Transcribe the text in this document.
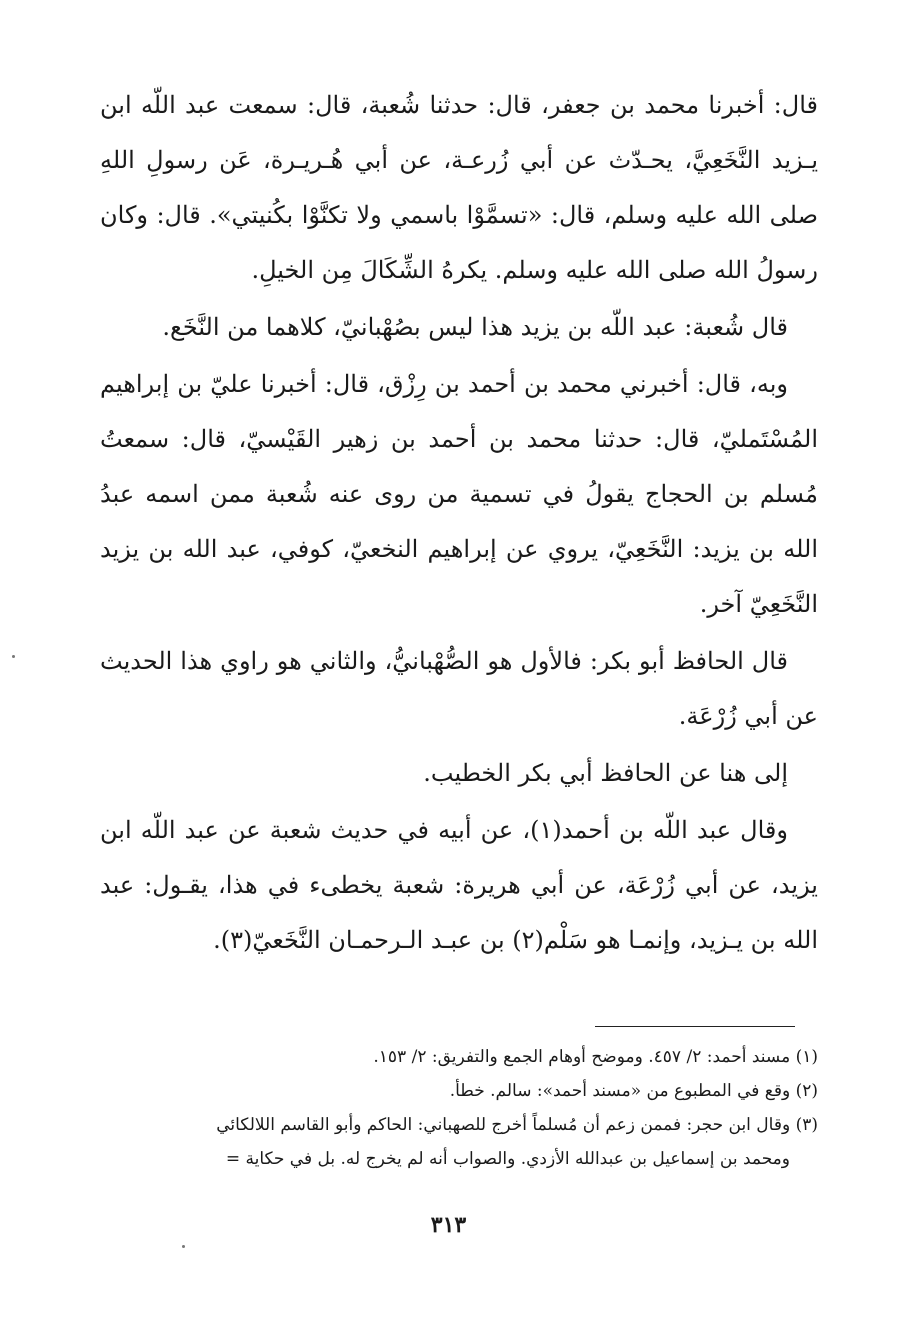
قال: أخبرنا محمد بن جعفر، قال: حدثنا شُعبة، قال: سمعت عبد اللّه ابن يـزيد النَّخَعِيَّ، يحـدّث عن أبي زُرعـة، عن أبي هُـريـرة، عَن رسولِ اللهِ صلى الله عليه وسلم، قال: «تسمَّوْا باسمي ولا تكنَّوْا بكُنيتي». قال: وكان رسولُ الله صلى الله عليه وسلم. يكرهُ الشِّكَالَ مِن الخيلِ.

قال شُعبة: عبد اللّه بن يزيد هذا ليس بصُهْبانيّ، كلاهما من النَّخَع.

وبه، قال: أخبرني محمد بن أحمد بن رِزْق، قال: أخبرنا عليّ بن إبراهيم المُسْتَمليّ، قال: حدثنا محمد بن أحمد بن زهير القَيْسيّ، قال: سمعتُ مُسلم بن الحجاج يقولُ في تسمية من روى عنه شُعبة ممن اسمه عبدُ الله بن يزيد: النَّخَعِيّ، يروي عن إبراهيم النخعيّ، كوفي، عبد الله بن يزيد النَّخَعِيّ آخر.

قال الحافظ أبو بكر: فالأول هو الصُّهْبانيُّ، والثاني هو راوي هذا الحديث عن أبي زُرْعَة.

إلى هنا عن الحافظ أبي بكر الخطيب.

وقال عبد اللّه بن أحمد(١)، عن أبيه في حديث شعبة عن عبد اللّه ابن يزيد، عن أبي زُرْعَة، عن أبي هريرة: شعبة يخطىء في هذا، يقـول: عبد الله بن يـزيد، وإنمـا هو سَلْم(٢) بن عبـد الـرحمـان النَّخَعيّ(٣).

(١) مسند أحمد: ٢/ ٤٥٧. وموضح أوهام الجمع والتفريق: ٢/ ١٥٣.

(٢) وقع في المطبوع من «مسند أحمد»: سالم. خطأ.

(٣) وقال ابن حجر: فممن زعم أن مُسلماً أخرج للصهباني: الحاكم وأبو القاسم اللالكائي

ومحمد بن إسماعيل بن عبدالله الأزدي. والصواب أنه لم يخرج له. بل في حكاية =

٣١٣
